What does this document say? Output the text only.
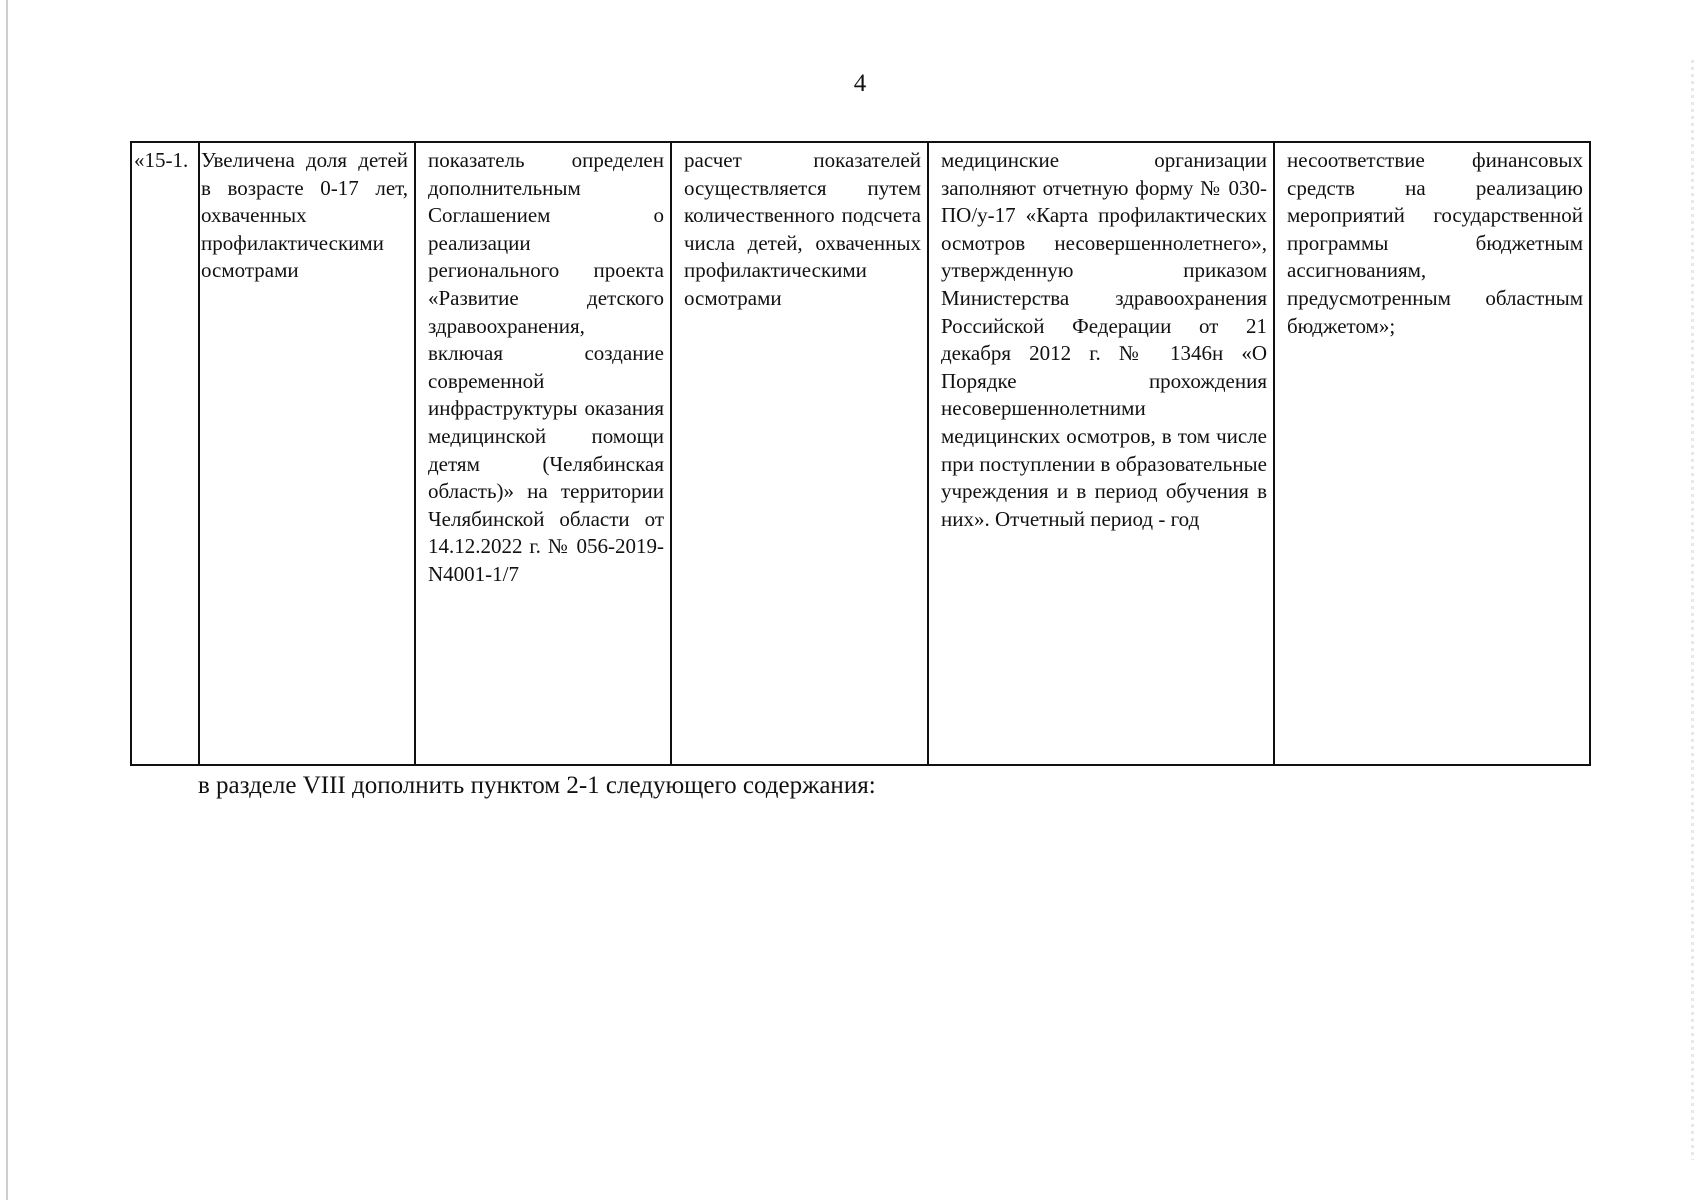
4
«15-1.	Увеличена доля детей в возрасте 0-17 лет, охваченных профилактическими осмотрами	показатель определен дополнительным Соглашением о реализации регионального проекта «Развитие детского здравоохранения, включая создание современной инфраструктуры оказания медицинской помощи детям (Челябинская область)» на территории Челябинской области от 14.12.2022 г. № 056-2019-N4001-1/7	расчет показателей осуществляется путем количественного подсчета числа детей, охваченных профилактическими осмотрами	медицинские организации заполняют отчетную форму № 030-ПО/у-17 «Карта профилактических осмотров несовершеннолетнего», утвержденную приказом Министерства здравоохранения Российской Федерации от 21 декабря 2012 г. № 1346н «О Порядке прохождения несовершеннолетними медицинских осмотров, в том числе при поступлении в образовательные учреждения и в период обучения в них». Отчетный период - год	несоответствие финансовых средств на реализацию мероприятий государственной программы бюджетным ассигнованиям, предусмотренным областным бюджетом»;
в разделе VIII дополнить пунктом 2-1 следующего содержания:
